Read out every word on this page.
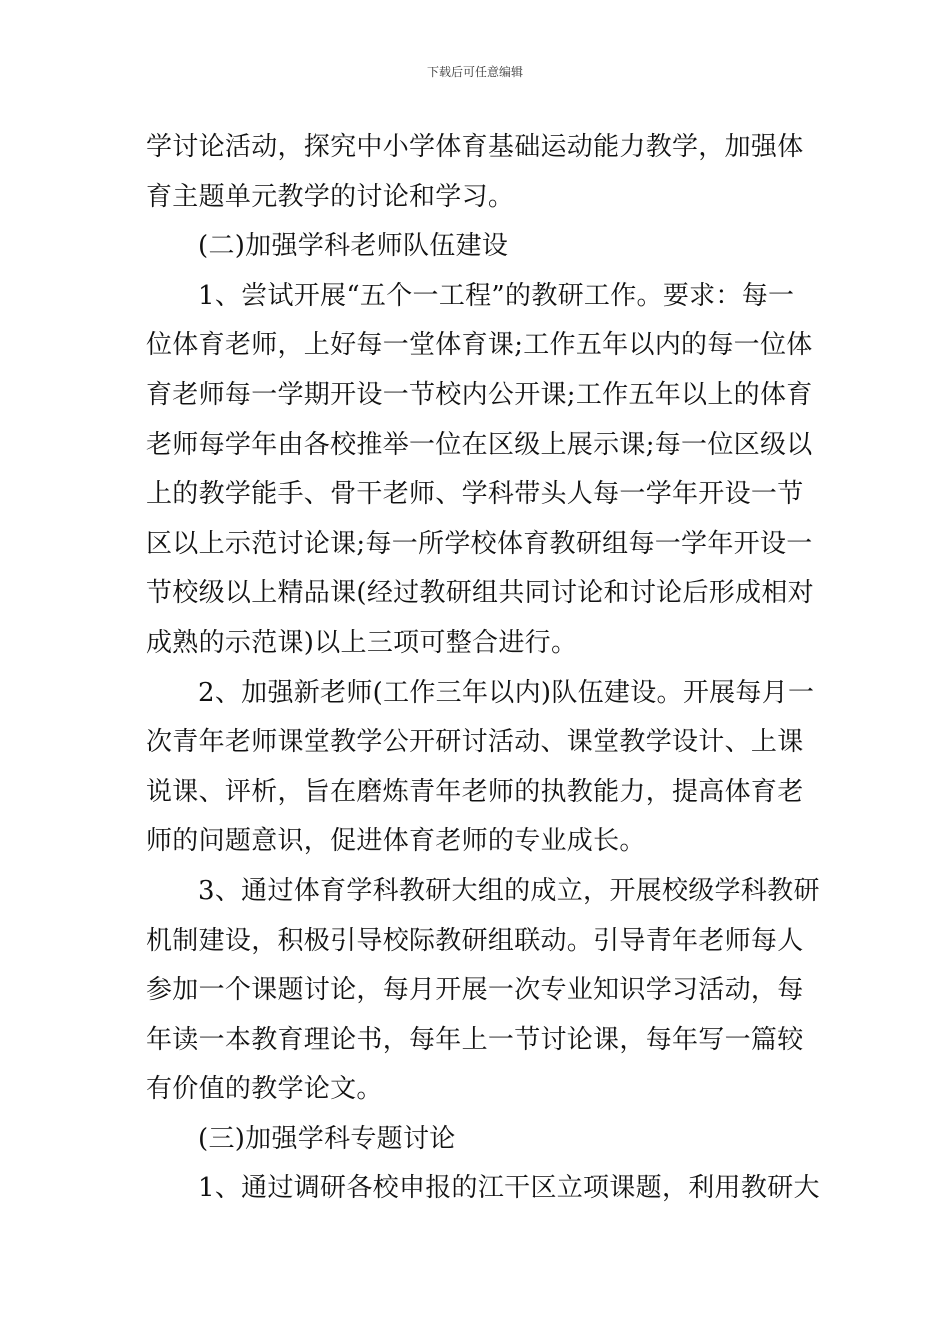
下载后可任意编辑
学讨论活动，探究中小学体育基础运动能力教学，加强体
育主题单元教学的讨论和学习。
(二)加强学科老师队伍建设
1、尝试开展“五个一工程”的教研工作。要求：每一
位体育老师，上好每一堂体育课;工作五年以内的每一位体
育老师每一学期开设一节校内公开课;工作五年以上的体育
老师每学年由各校推举一位在区级上展示课;每一位区级以
上的教学能手、骨干老师、学科带头人每一学年开设一节
区以上示范讨论课;每一所学校体育教研组每一学年开设一
节校级以上精品课(经过教研组共同讨论和讨论后形成相对
成熟的示范课)以上三项可整合进行。
2、加强新老师(工作三年以内)队伍建设。开展每月一
次青年老师课堂教学公开研讨活动、课堂教学设计、上课
说课、评析，旨在磨炼青年老师的执教能力，提高体育老
师的问题意识，促进体育老师的专业成长。
3、通过体育学科教研大组的成立，开展校级学科教研
机制建设，积极引导校际教研组联动。引导青年老师每人
参加一个课题讨论，每月开展一次专业知识学习活动，每
年读一本教育理论书，每年上一节讨论课，每年写一篇较
有价值的教学论文。
(三)加强学科专题讨论
1、通过调研各校申报的江干区立项课题，利用教研大
